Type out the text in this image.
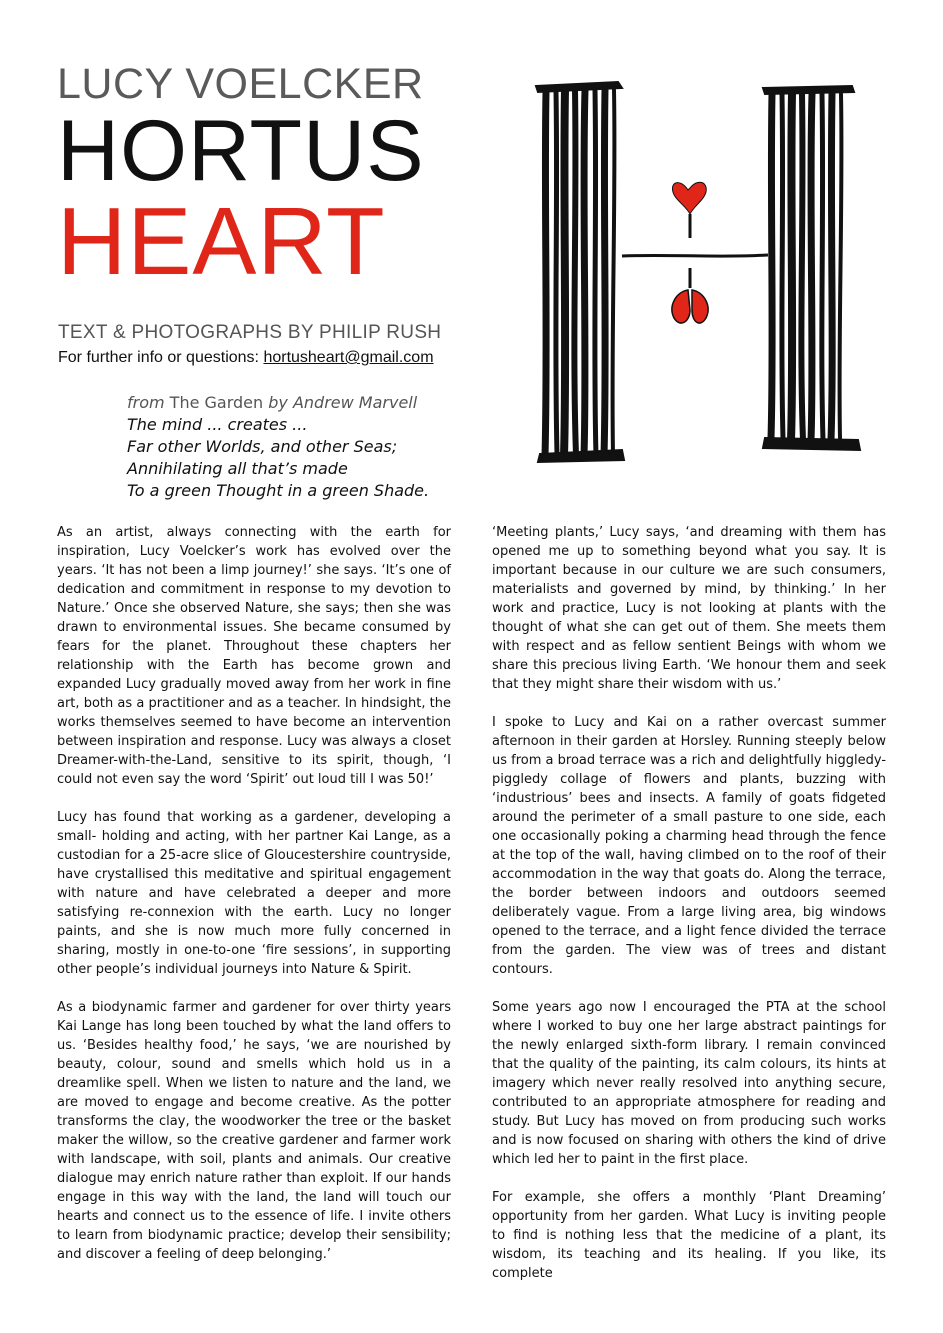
LUCY VOELCKER
HORTUS
HEART
TEXT & PHOTOGRAPHS BY PHILIP RUSH
For further info or questions: hortusheart@gmail.com
from The Garden by Andrew Marvell
The mind ... creates ...
Far other Worlds, and other Seas;
Annihilating all that’s made
To a green Thought in a green Shade.

As an artist, always connecting with the earth for inspiration, Lucy Voelcker’s work has evolved over the years. ‘It has not been a limp journey!’ she says. ‘It’s one of dedication and commitment in response to my devotion to Nature.’ Once she observed Nature, she says; then she was drawn to environmental issues. She became consumed by fears for the planet. Throughout these chapters her relationship with the Earth has become grown and expanded Lucy gradually moved away from her work in fine art, both as a practitioner and as a teacher. In hindsight, the works themselves seemed to have become an intervention between inspiration and response. Lucy was always a closet Dreamer-with-the-Land, sensitive to its spirit, though, ‘I could not even say the word ‘Spirit’ out loud till I was 50!’

Lucy has found that working as a gardener, developing a small- holding and acting, with her partner Kai Lange, as a custodian for a 25-acre slice of Gloucestershire countryside, have crystallised this meditative and spiritual engagement with nature and have celebrated a deeper and more satisfying re-connexion with the earth. Lucy no longer paints, and she is now much more fully concerned in sharing, mostly in one-to-one ‘fire sessions’, in supporting other people’s individual journeys into Nature & Spirit.

As a biodynamic farmer and gardener for over thirty years Kai Lange has long been touched by what the land offers to us. ‘Besides healthy food,’ he says, ‘we are nourished by beauty, colour, sound and smells which hold us in a dreamlike spell. When we listen to nature and the land, we are moved to engage and become creative. As the potter transforms the clay, the woodworker the tree or the basket maker the willow, so the creative gardener and farmer work with landscape, with soil, plants and animals. Our creative dialogue may enrich nature rather than exploit. If our hands engage in this way with the land, the land will touch our hearts and connect us to the essence of life. I invite others to learn from biodynamic practice; develop their sensibility; and discover a feeling of deep belonging.’

‘Meeting plants,’ Lucy says, ‘and dreaming with them has opened me up to something beyond what you say. It is important because in our culture we are such consumers, materialists and governed by mind, by thinking.’ In her work and practice, Lucy is not looking at plants with the thought of what she can get out of them. She meets them with respect and as fellow sentient Beings with whom we share this precious living Earth. ‘We honour them and seek that they might share their wisdom with us.’

I spoke to Lucy and Kai on a rather overcast summer afternoon in their garden at Horsley. Running steeply below us from a broad terrace was a rich and delightfully higgledy-piggledy collage of flowers and plants, buzzing with ‘industrious’ bees and insects. A family of goats fidgeted around the perimeter of a small pasture to one side, each one occasionally poking a charming head through the fence at the top of the wall, having climbed on to the roof of their accommodation in the way that goats do. Along the terrace, the border between indoors and outdoors seemed deliberately vague. From a large living area, big windows opened to the terrace, and a light fence divided the terrace from the garden. The view was of trees and distant contours.

Some years ago now I encouraged the PTA at the school where I worked to buy one her large abstract paintings for the newly enlarged sixth-form library. I remain convinced that the quality of the painting, its calm colours, its hints at imagery which never really resolved into anything secure, contributed to an appropriate atmosphere for reading and study. But Lucy has moved on from producing such works and is now focused on sharing with others the kind of drive which led her to paint in the first place.

For example, she offers a monthly ‘Plant Dreaming’ opportunity from her garden. What Lucy is inviting people to find is nothing less that the medicine of a plant, its wisdom, its teaching and its healing. If you like, its complete
